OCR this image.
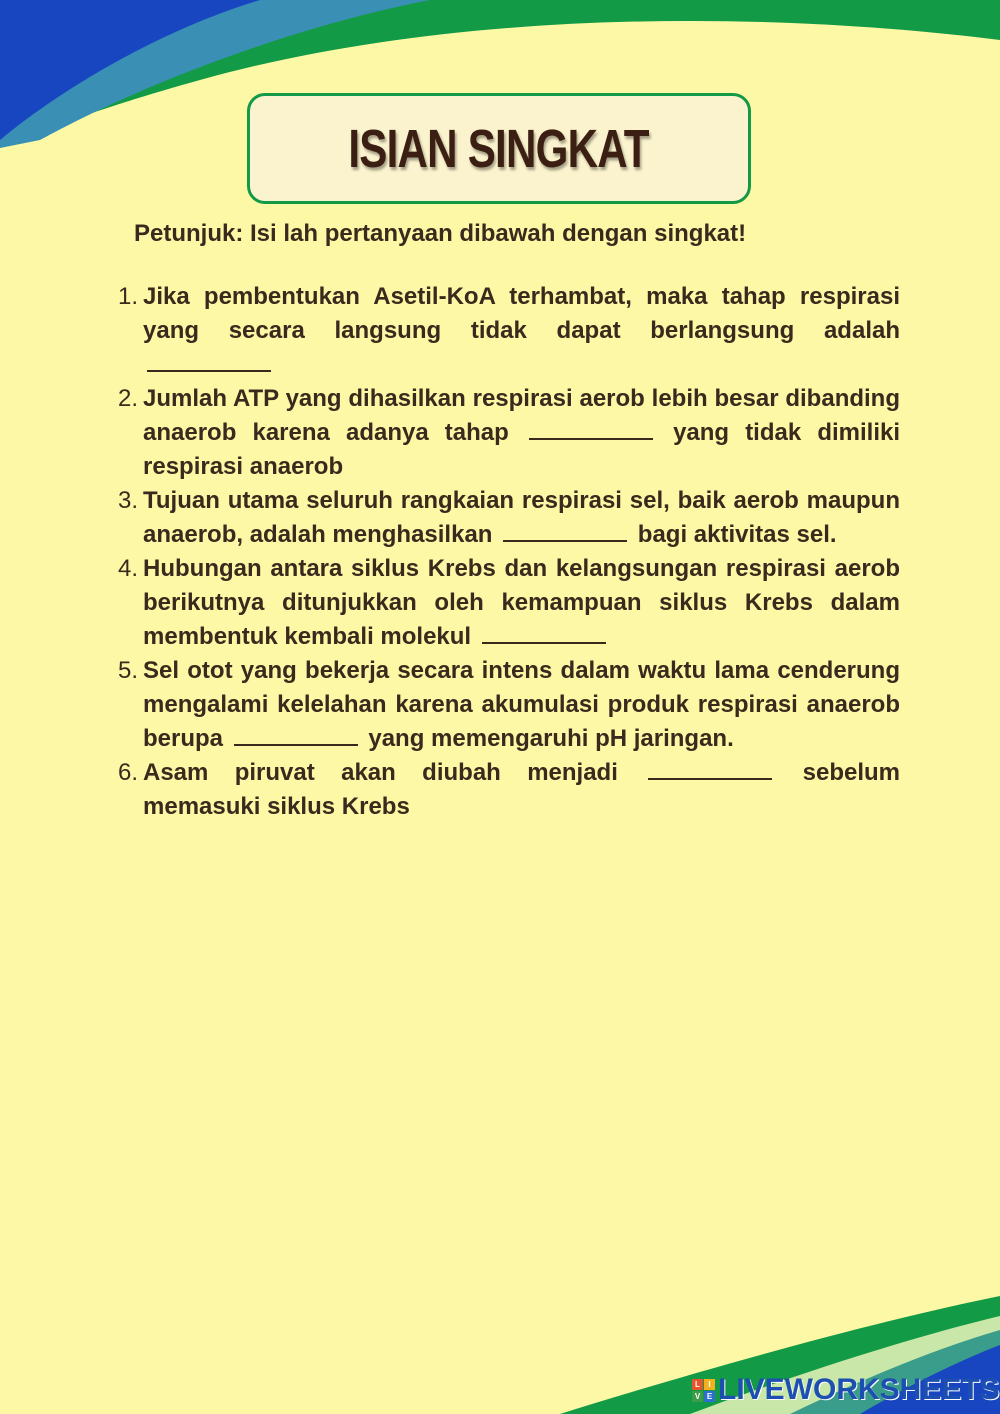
ISIAN SINGKAT
Petunjuk: Isi lah pertanyaan dibawah dengan singkat!
1. Jika pembentukan Asetil-KoA terhambat, maka tahap respirasi yang secara langsung tidak dapat berlangsung adalah
2. Jumlah ATP yang dihasilkan respirasi aerob lebih besar dibanding anaerob karena adanya tahap	yang tidak dimiliki respirasi anaerob
3. Tujuan utama seluruh rangkaian respirasi sel, baik aerob maupun anaerob, adalah menghasilkan	bagi aktivitas sel.
4. Hubungan antara siklus Krebs dan kelangsungan respirasi aerob berikutnya ditunjukkan oleh kemampuan siklus Krebs dalam membentuk kembali molekul
5. Sel otot yang bekerja secara intens dalam waktu lama cenderung mengalami kelelahan karena akumulasi produk respirasi anaerob berupa	yang memengaruhi pH jaringan.
6. Asam piruvat akan diubah menjadi	sebelum memasuki siklus Krebs
L	I
V E LIVEWORKSHEETS
